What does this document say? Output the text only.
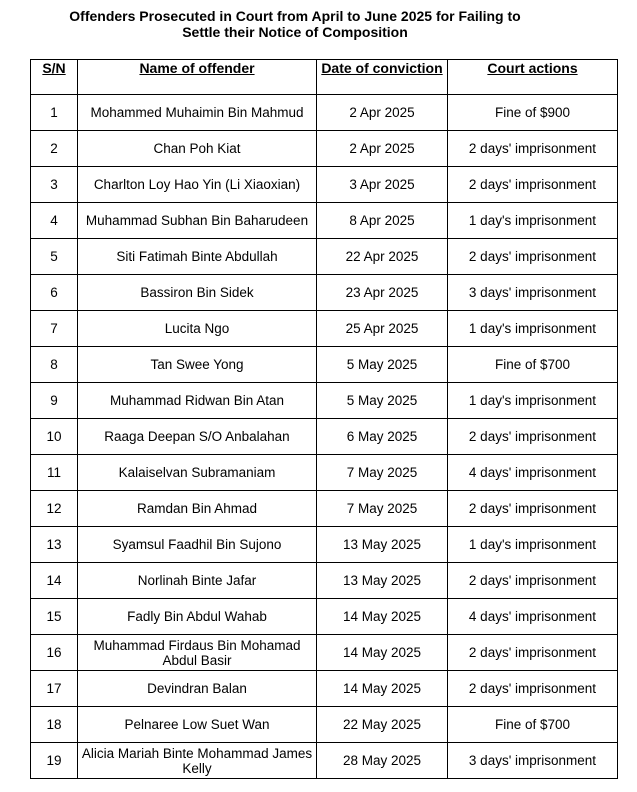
Offenders Prosecuted in Court from April to June 2025 for Failing to
Settle their Notice of Composition
S/N	Name of offender	Date of conviction	Court actions
1	Mohammed Muhaimin Bin Mahmud	2 Apr 2025	Fine of $900
2	Chan Poh Kiat	2 Apr 2025	2 days' imprisonment
3	Charlton Loy Hao Yin (Li Xiaoxian)	3 Apr 2025	2 days' imprisonment
4	Muhammad Subhan Bin Baharudeen	8 Apr 2025	1 day's imprisonment
5	Siti Fatimah Binte Abdullah	22 Apr 2025	2 days' imprisonment
6	Bassiron Bin Sidek	23 Apr 2025	3 days' imprisonment
7	Lucita Ngo	25 Apr 2025	1 day's imprisonment
8	Tan Swee Yong	5 May 2025	Fine of $700
9	Muhammad Ridwan Bin Atan	5 May 2025	1 day's imprisonment
10	Raaga Deepan S/O Anbalahan	6 May 2025	2 days' imprisonment
11	Kalaiselvan Subramaniam	7 May 2025	4 days' imprisonment
12	Ramdan Bin Ahmad	7 May 2025	2 days' imprisonment
13	Syamsul Faadhil Bin Sujono	13 May 2025	1 day's imprisonment
14	Norlinah Binte Jafar	13 May 2025	2 days' imprisonment
15	Fadly Bin Abdul Wahab	14 May 2025	4 days' imprisonment
16	Muhammad Firdaus Bin Mohamad Abdul Basir	14 May 2025	2 days' imprisonment
17	Devindran Balan	14 May 2025	2 days' imprisonment
18	Pelnaree Low Suet Wan	22 May 2025	Fine of $700
19	Alicia Mariah Binte Mohammad James Kelly	28 May 2025	3 days' imprisonment
